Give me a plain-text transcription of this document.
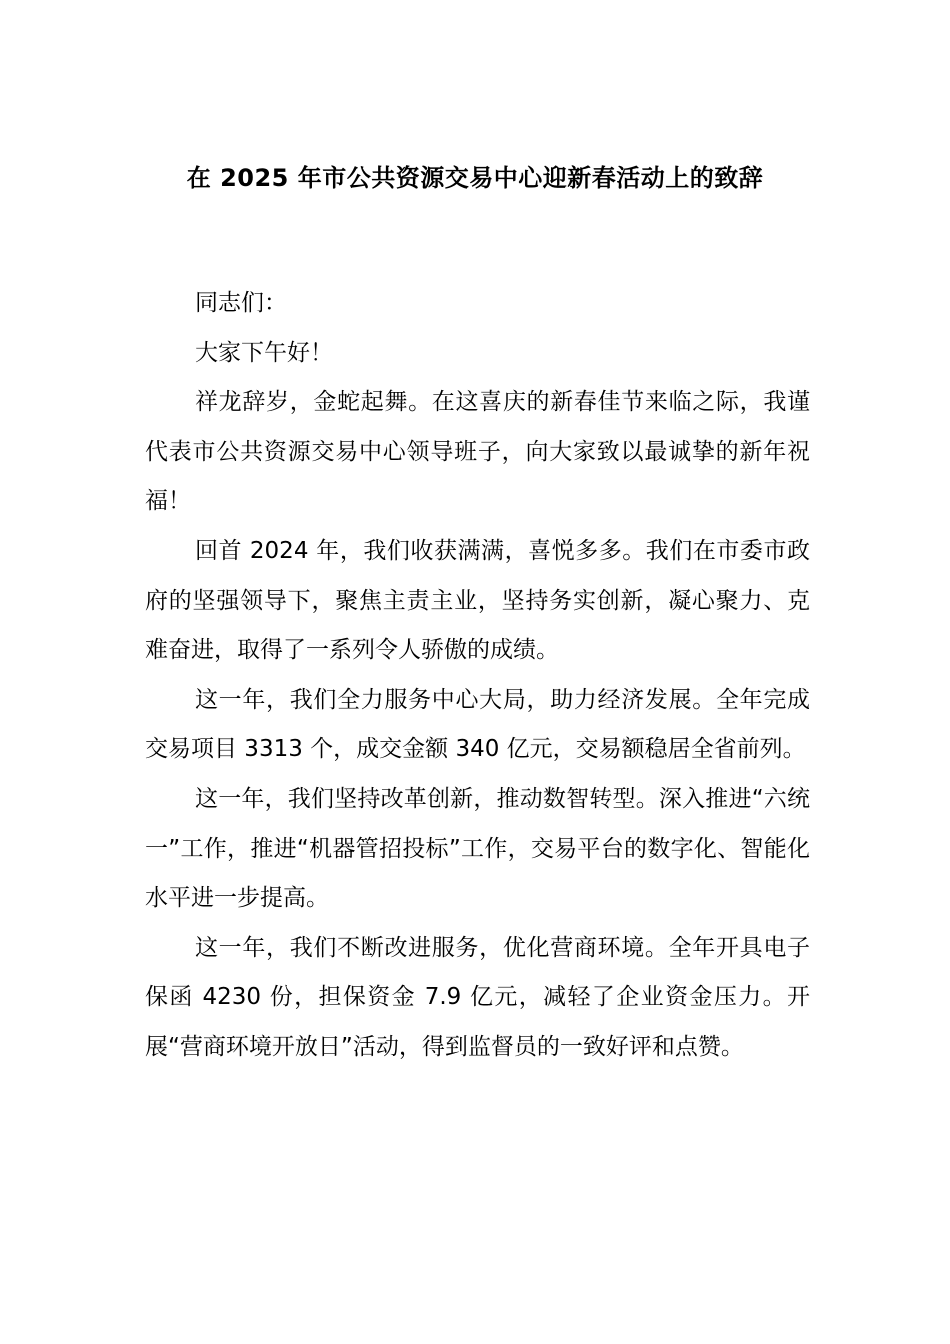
在 2025 年市公共资源交易中心迎新春活动上的致辞

同志们：

大家下午好！

祥龙辞岁，金蛇起舞。在这喜庆的新春佳节来临之际，我谨代表市公共资源交易中心领导班子，向大家致以最诚挚的新年祝福！

回首 2024 年，我们收获满满，喜悦多多。我们在市委市政府的坚强领导下，聚焦主责主业，坚持务实创新，凝心聚力、克难奋进，取得了一系列令人骄傲的成绩。

这一年，我们全力服务中心大局，助力经济发展。全年完成交易项目 3313 个，成交金额 340 亿元，交易额稳居全省前列。

这一年，我们坚持改革创新，推动数智转型。深入推进“六统一”工作，推进“机器管招投标”工作，交易平台的数字化、智能化水平进一步提高。

这一年，我们不断改进服务，优化营商环境。全年开具电子保函 4230 份，担保资金 7.9 亿元，减轻了企业资金压力。开展“营商环境开放日”活动，得到监督员的一致好评和点赞。
